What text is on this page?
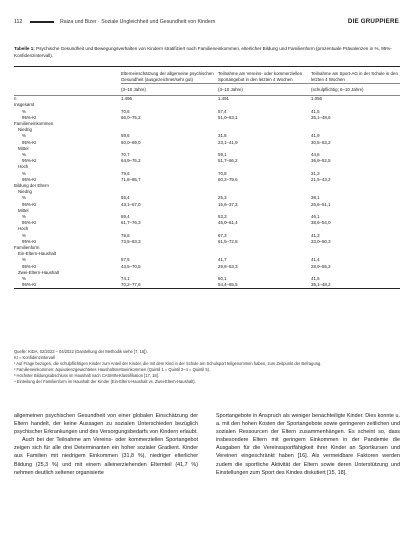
112	Raiza und Bizer · Soziale Ungleichheit und Gesundheit von Kindern	DIE GRUPPIERE
Tabelle 1: Psychische Gesundheit und Bewegungsverhalten von Kindern stratifiziert nach Familieneinkommen, elterlicher Bildung und Familienform (prozentuale Prävalenzen in %, 95%-Konfidenzintervall).
	Elterneinschätzung der allgemeine psychischen Gesundheit (ausgezeichnet/sehr gut)	Teilnahme am Vereins- oder kommerziellen Sportangebot in den letzten 4 Wochen	Teilnahme am Sport-AG in der Schule in den letzten 4 Wochen
	(3–10 Jahre)	(3–10 Jahre)	(schulpflichtig; 6–10 Jahre)
n	1.496	1.491	1.056
Insgesamt			
%	70,6	57,4	41,5
95%-KI	66,0–75,2	51,0–63,1	35,1–48,6
Familieneinkommen			
Niedrig			
%	59,6	31,8	41,9
95%-KI	50,0–69,0	23,1–41,9	30,5–53,2
Mittel			
%	70,7	59,1	44,6
95%-KI	64,9–76,2	51,7–66,2	36,9–52,5
Hoch			
%	79,6	70,8	31,3
95%-KI	71,8–85,7	60,2–79,6	21,5–43,2
Bildung der Eltern			
Niedrig			
%	55,4	25,3	38,1
95%-KI	43,1–67,0	15,6–37,3	26,6–51,1
Mittel			
%	69,4	53,3	46,1
95%-KI	61,7–76,3	45,0–61,4	38,6–54,0
Hoch			
%	78,8	67,3	41,3
95%-KI	73,5–83,3	61,5–72,8	33,0–50,3
Familienform			
Ein-Eltern-Haushalt			
%	57,5	41,7	41,4
95%-KI	43,5–70,5	29,8–53,3	28,9–55,2
Zwei-Eltern-Haushalt			
%	74,1	60,1	41,5
95%-KI	70,2–77,6	54,4–65,5	35,1–48,2
Quelle: KiDA, 02/2022 – 04/2022 (Darstellung der Methodik siehe [7, 16]).
KI = Konfidenzintervall
¹ Auf Frage bezogen, die schulpflichtigen Kinder zum Anteil der Kinder, die mit dem Kind in der Schule am Schulsport teilgenommen haben, zum Zeitpunkt der Befragung.
² Familieneinkommen: äquivalenzgewichtetes Haushaltsnettoeinkommen (Quintil 1 = Quintil 2–4 = Quintil 5).
³ Höchster Bildungsabschluss im Haushalt nach CASMIN-Klassifikation [17, 18].
⁴ Einteilung der Familienform im Haushalt der Kinder (Ein-Eltern-Haushalt vs. Zwei-Eltern-Haushalt).

allgemeinen psychischen Gesundheit von einer globalen Einschätzung der Eltern handelt, der keine Aussagen zu sozialen Unterschieden bezüglich psychischer Erkrankungen und des Versorgungsbedarfs von Kindern erlaubt.

Auch bei der Teilnahme am Vereins- oder kommerziellen Sportangebot zeigen sich für alle drei Determinanten ein hoher sozialer Gradient. Kinder aus Familien mit niedrigem Einkommen (31,8 %), niedriger elterlicher Bildung (25,3 %) und mit einem alleinerziehenden Elternteil (41,7 %) nehmen deutlich seltener organisierte

Sportangebote in Anspruch als weniger benachteiligte Kinder. Dies konnte u. a. mit den hohen Kosten der Sportangebote sowie geringeren zeitlichen und sozialen Ressourcen der Eltern zusammenhängen. Es scheint so, dass insbesondere Eltern mit geringem Einkommen in der Pandemie die Ausgaben für die Vereinssportfähigkeit ihrer Kinder an Sportkursen und Vereinen eingeschränkt haben [16]. Als vermeidbare Faktoren werden zudem die sportliche Aktivität der Eltern sowie deren Unterstützung und Einstellungen zum Sport des Kindes diskutiert [15, 18].
